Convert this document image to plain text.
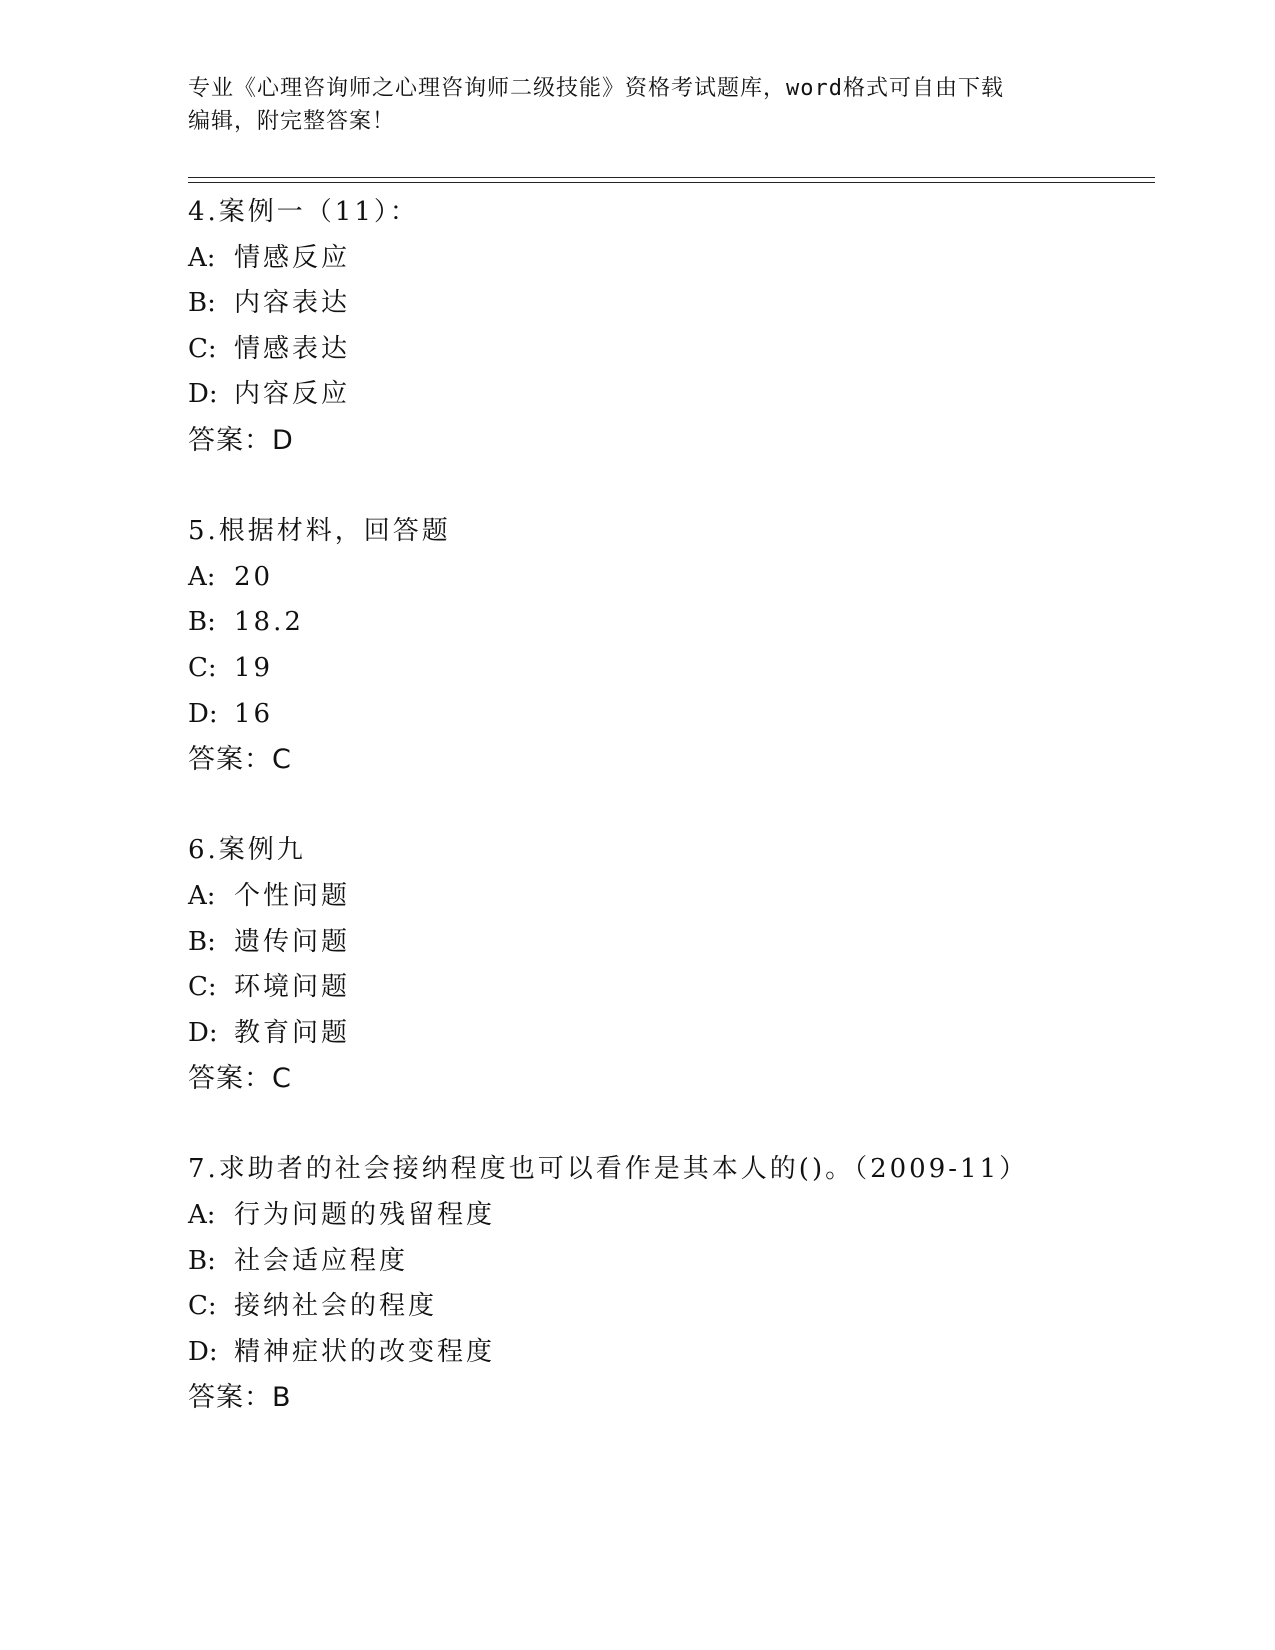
专业《心理咨询师之心理咨询师二级技能》资格考试题库，word格式可自由下载
编辑，附完整答案！
4.案例一（11）：
A: 情感反应
B: 内容表达
C: 情感表达
D: 内容反应
答案：D
5.根据材料，回答题
A: 20
B: 18.2
C: 19
D: 16
答案：C
6.案例九
A: 个性问题
B: 遗传问题
C: 环境问题
D: 教育问题
答案：C
7.求助者的社会接纳程度也可以看作是其本人的()。（2009-11）
A: 行为问题的残留程度
B: 社会适应程度
C: 接纳社会的程度
D: 精神症状的改变程度
答案：B
